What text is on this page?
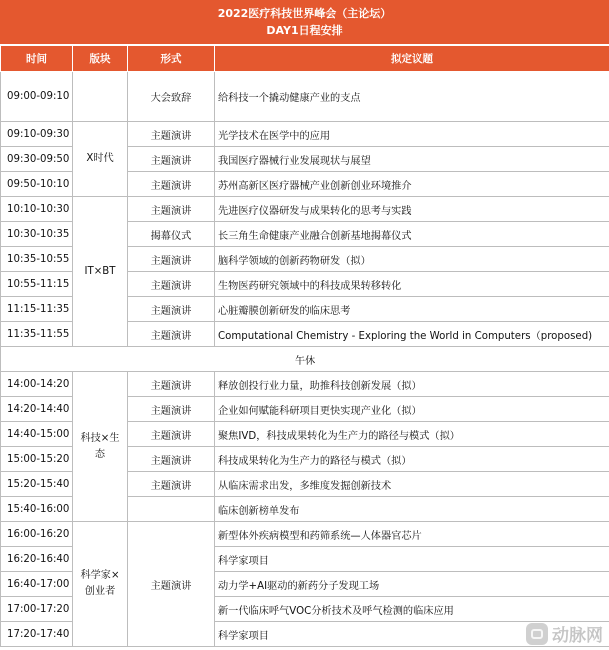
2022医疗科技世界峰会（主论坛）
DAY1日程安排
时间	版块	形式	拟定议题
09:00-09:10		大会致辞	给科技一个撬动健康产业的支点
09:10-09:30	X时代	主题演讲	光学技术在医学中的应用
09:30-09:50		主题演讲	我国医疗器械行业发展现状与展望
09:50-10:10		主题演讲	苏州高新区医疗器械产业创新创业环境推介
10:10-10:30	IT×BT	主题演讲	先进医疗仪器研发与成果转化的思考与实践
10:30-10:35		揭幕仪式	长三角生命健康产业融合创新基地揭幕仪式
10:35-10:55		主题演讲	脑科学领域的创新药物研发（拟）
10:55-11:15		主题演讲	生物医药研究领域中的科技成果转移转化
11:15-11:35		主题演讲	心脏瓣膜创新研发的临床思考
11:35-11:55		主题演讲	Computational Chemistry - Exploring the World in Computers（proposed)
午休			
14:00-14:20	科技×生态	主题演讲	释放创投行业力量，助推科技创新发展（拟）
14:20-14:40		主题演讲	企业如何赋能科研项目更快实现产业化（拟）
14:40-15:00		主题演讲	聚焦IVD，科技成果转化为生产力的路径与模式（拟）
15:00-15:20		主题演讲	科技成果转化为生产力的路径与模式（拟）
15:20-15:40		主题演讲	从临床需求出发，多维度发掘创新技术
15:40-16:00			临床创新榜单发布
16:00-16:20	科学家×创业者	主题演讲	新型体外疾病模型和药筛系统—人体器官芯片
16:20-16:40			科学家项目
16:40-17:00			动力学+AI驱动的新药分子发现工场
17:00-17:20			新一代临床呼气VOC分析技术及呼气检测的临床应用
17:20-17:40			科学家项目	动脉网
